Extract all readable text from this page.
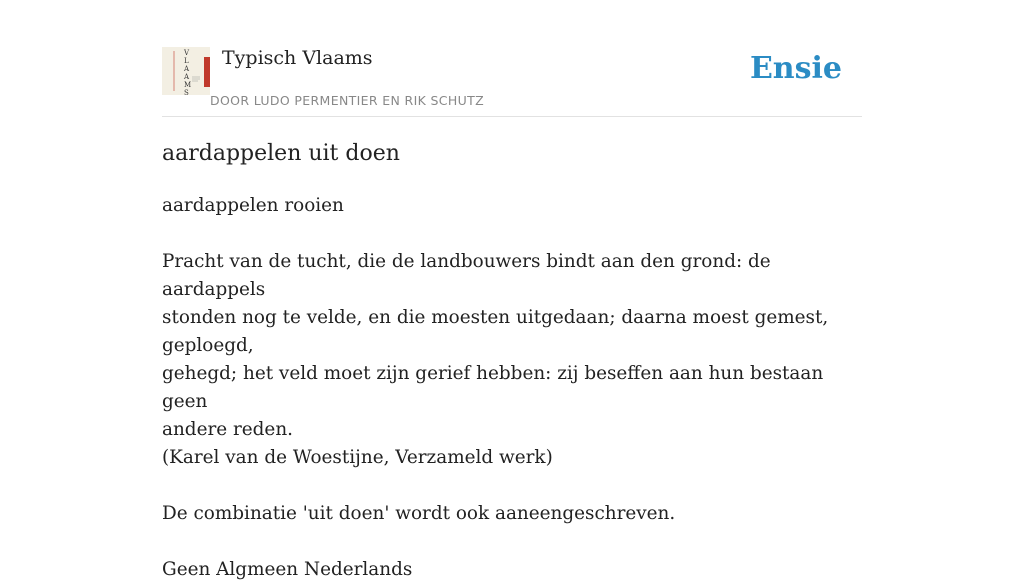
V
L
A
A
M
S
Typisch Vlaams
DOOR LUDO PERMENTIER EN RIK SCHUTZ
Ensie
aardappelen uit doen

aardappelen rooien

Pracht van de tucht, die de landbouwers bindt aan den grond: de aardappels

stonden nog te velde, en die moesten uitgedaan; daarna moest gemest, geploegd,

gehegd; het veld moet zijn gerief hebben: zij beseffen aan hun bestaan geen

andere reden.

(Karel van de Woestijne, Verzameld werk)

De combinatie 'uit doen' wordt ook aaneengeschreven.

Geen Algmeen Nederlands
